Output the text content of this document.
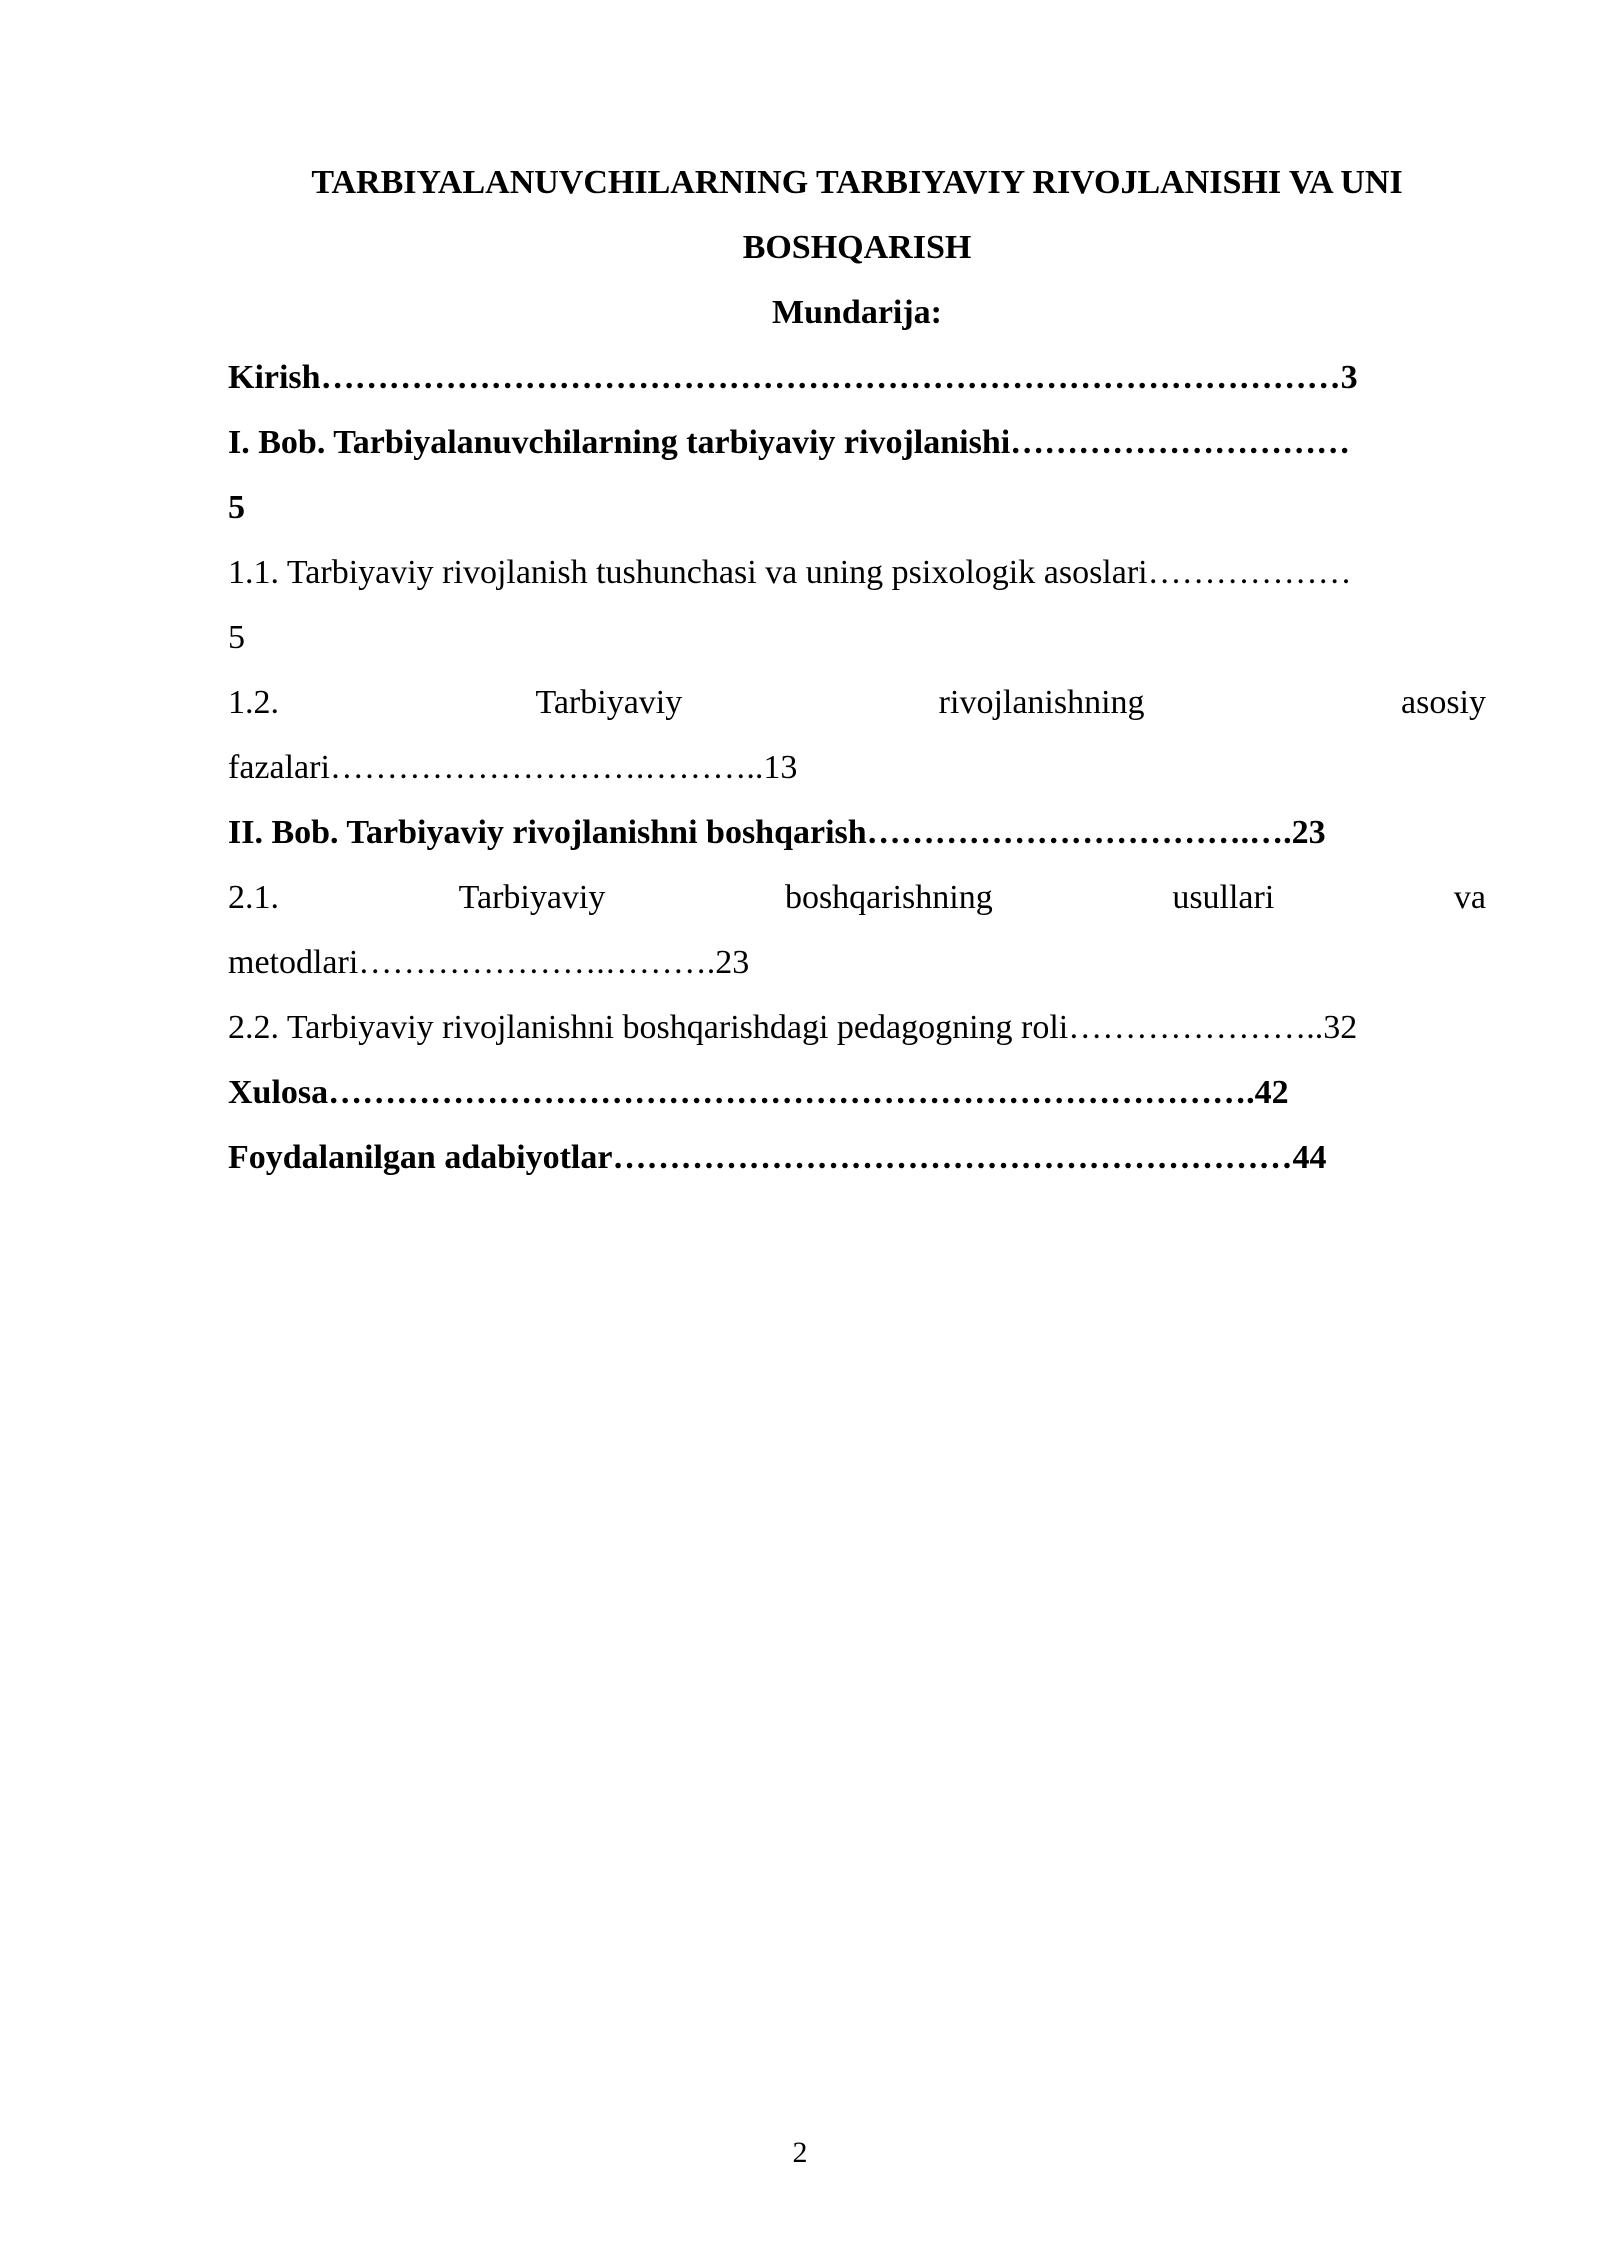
TARBIYALANUVCHILARNING TARBIYAVIY RIVOJLANISHI VA UNI
BOSHQARISH
Mundarija:
Kirish………………………………………………………………………………3
I. Bob. Tarbiyalanuvchilarning tarbiyaviy rivojlanishi…………………………
5
1.1. Tarbiyaviy rivojlanish tushunchasi va uning psixologik asoslari………………
5
1.2.	Tarbiyaviy	rivojlanishning	asosiy
fazalari……………………….………..13
II. Bob. Tarbiyaviy rivojlanishni boshqarish…………………………….….23
2.1.	Tarbiyaviy	boshqarishning	usullari	va
metodlari………………….……….23
2.2. Tarbiyaviy rivojlanishni boshqarishdagi pedagogning roli…………………..32
Xulosa……………………………………………………………………….42
Foydalanilgan adabiyotlar……………………………………………………44
2
